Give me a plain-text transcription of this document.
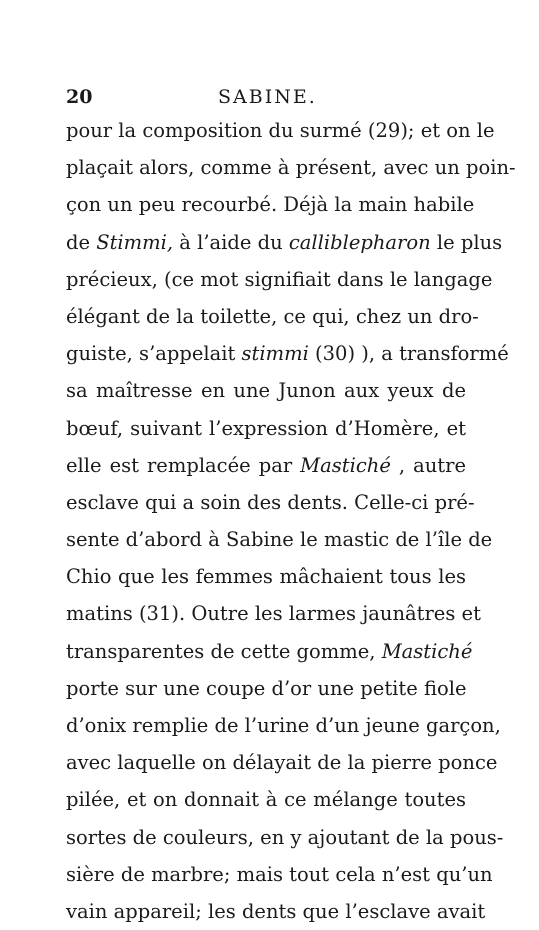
20	SABINE.
pour la composition du surmé (29); et on le
plaçait alors, comme à présent, avec un poin-
çon un peu recourbé. Déjà la main habile
de Stimmi, à l’aide du calliblepharon le plus
précieux, (ce mot signifiait dans le langage
élégant de la toilette, ce qui, chez un dro-
guiste, s’appelait stimmi (30) ), a transformé
sa maîtresse en une Junon aux yeux de
bœuf, suivant l’expression d’Homère, et
elle est remplacée par Mastiché , autre
esclave qui a soin des dents. Celle-ci pré-
sente d’abord à Sabine le mastic de l’île de
Chio que les femmes mâchaient tous les
matins (31). Outre les larmes jaunâtres et
transparentes de cette gomme, Mastiché
porte sur une coupe d’or une petite fiole
d’onix remplie de l’urine d’un jeune garçon,
avec laquelle on délayait de la pierre ponce
pilée, et on donnait à ce mélange toutes
sortes de couleurs, en y ajoutant de la pous-
sière de marbre; mais tout cela n’est qu’un
vain appareil; les dents que l’esclave avait
